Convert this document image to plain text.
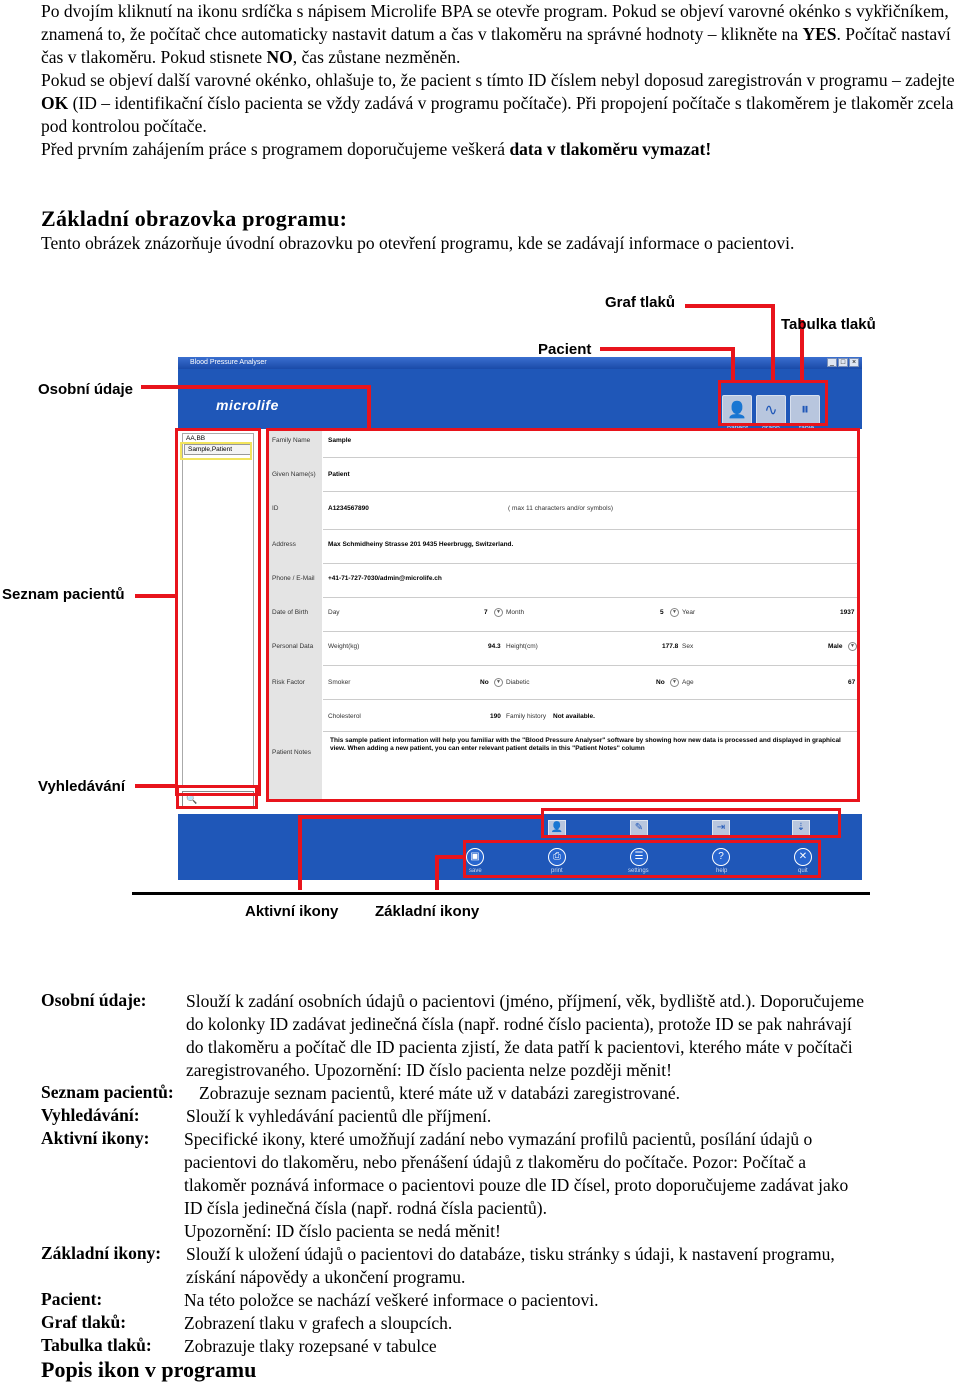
Po dvojím kliknutí na ikonu srdíčka s nápisem Microlife BPA se otevře program. Pokud se objeví varovné okénko s vykřičníkem, znamená to, že počítač chce automaticky nastavit datum a čas v tlakoměru na správné hodnoty – klikněte na YES. Počítač nastaví čas v tlakoměru. Pokud stisnete NO, čas zůstane nezměněn.

Pokud se objeví další varovné okénko, ohlašuje to, že pacient s tímto ID číslem nebyl doposud zaregistrován v programu – zadejte OK (ID – identifikační číslo pacienta se vždy zadává v programu počítače). Při propojení počítače s tlakoměrem je tlakoměr zcela pod kontrolou počítače.

Před prvním zahájením práce s programem doporučujeme veškerá data v tlakoměru vymazat!

Základní obrazovka programu:
Tento obrázek znázorňuje úvodní obrazovku po otevření programu, kde se zadávají informace o pacientovi.
Blood Pressure Analyser	_ □ ×
microlife	👤 ∿ ⏸
AA,BB
Sample,Patient
Family Name	Sample
Given Name(s) Patient
ID	A1234567890	( max 11 characters and/or symbols)
Address	Max Schmidheiny Strasse 201 9435 Heerbrugg, Switzerland.
Phone / E-Mail +41-71-727-7030/admin@microlife.ch
Date of Birth	Day	7	▼ Month	5	▼ Year	1937
Personal Data Weight(kg)	94.3 Height(cm)	177.8 Sex	Male	▼
Risk Factor	Smoker	No	▼ Diabetic	No	▼ Age	67
Cholesterol	190 Family history Not available.
Patient Notes
This sample patient information will help you familiar with the "Blood Pressure Analyser" software by showing how new data is processed and displayed in graphical view. When adding a new patient, you can enter relevant patient details in this "Patient Notes" column
🔍
👤	✎	⇥	⇣
▣
save
⎙
print
☰
settings
?
help
✕
quit
Graf tlaků
Tabulka tlaků
Pacient
Osobní údaje
Seznam pacientů
Vyhledávání
Aktivní ikony Základní ikony
Osobní údaje: Slouží k zadání osobních údajů o pacientovi (jméno, příjmení, věk, bydliště atd.). Doporučujeme
do kolonky ID zadávat jedinečná čísla (např. rodné číslo pacienta), protože ID se pak nahrávají
do tlakoměru a počítač dle ID pacienta zjistí, že data patří k pacientovi, kterého máte v počítači
zaregistrovaného. Upozornění: ID číslo pacienta nelze později měnit!
Seznam pacientů: Zobrazuje seznam pacientů, které máte už v databázi zaregistrované.
Vyhledávání:	Slouží k vyhledávání pacientů dle příjmení.
Aktivní ikony: Specifické ikony, které umožňují zadání nebo vymazání profilů pacientů, posílání údajů o
pacientovi do tlakoměru, nebo přenášení údajů z tlakoměru do počítače. Pozor: Počítač a
tlakoměr poznává informace o pacientovi pouze dle ID čísel, proto doporučujeme zadávat jako
ID čísla jedinečná čísla (např. rodná čísla pacientů).
Upozornění: ID číslo pacienta se nedá měnit!
Základní ikony: Slouží k uložení údajů o pacientovi do databáze, tisku stránky s údaji, k nastavení programu,
získání nápovědy a ukončení programu.
Pacient:	Na této položce se nachází veškeré informace o pacientovi.
Graf tlaků:	Zobrazení tlaku v grafech a sloupcích.
Tabulka tlaků: Zobrazuje tlaky rozepsané v tabulce
Popis ikon v programu
